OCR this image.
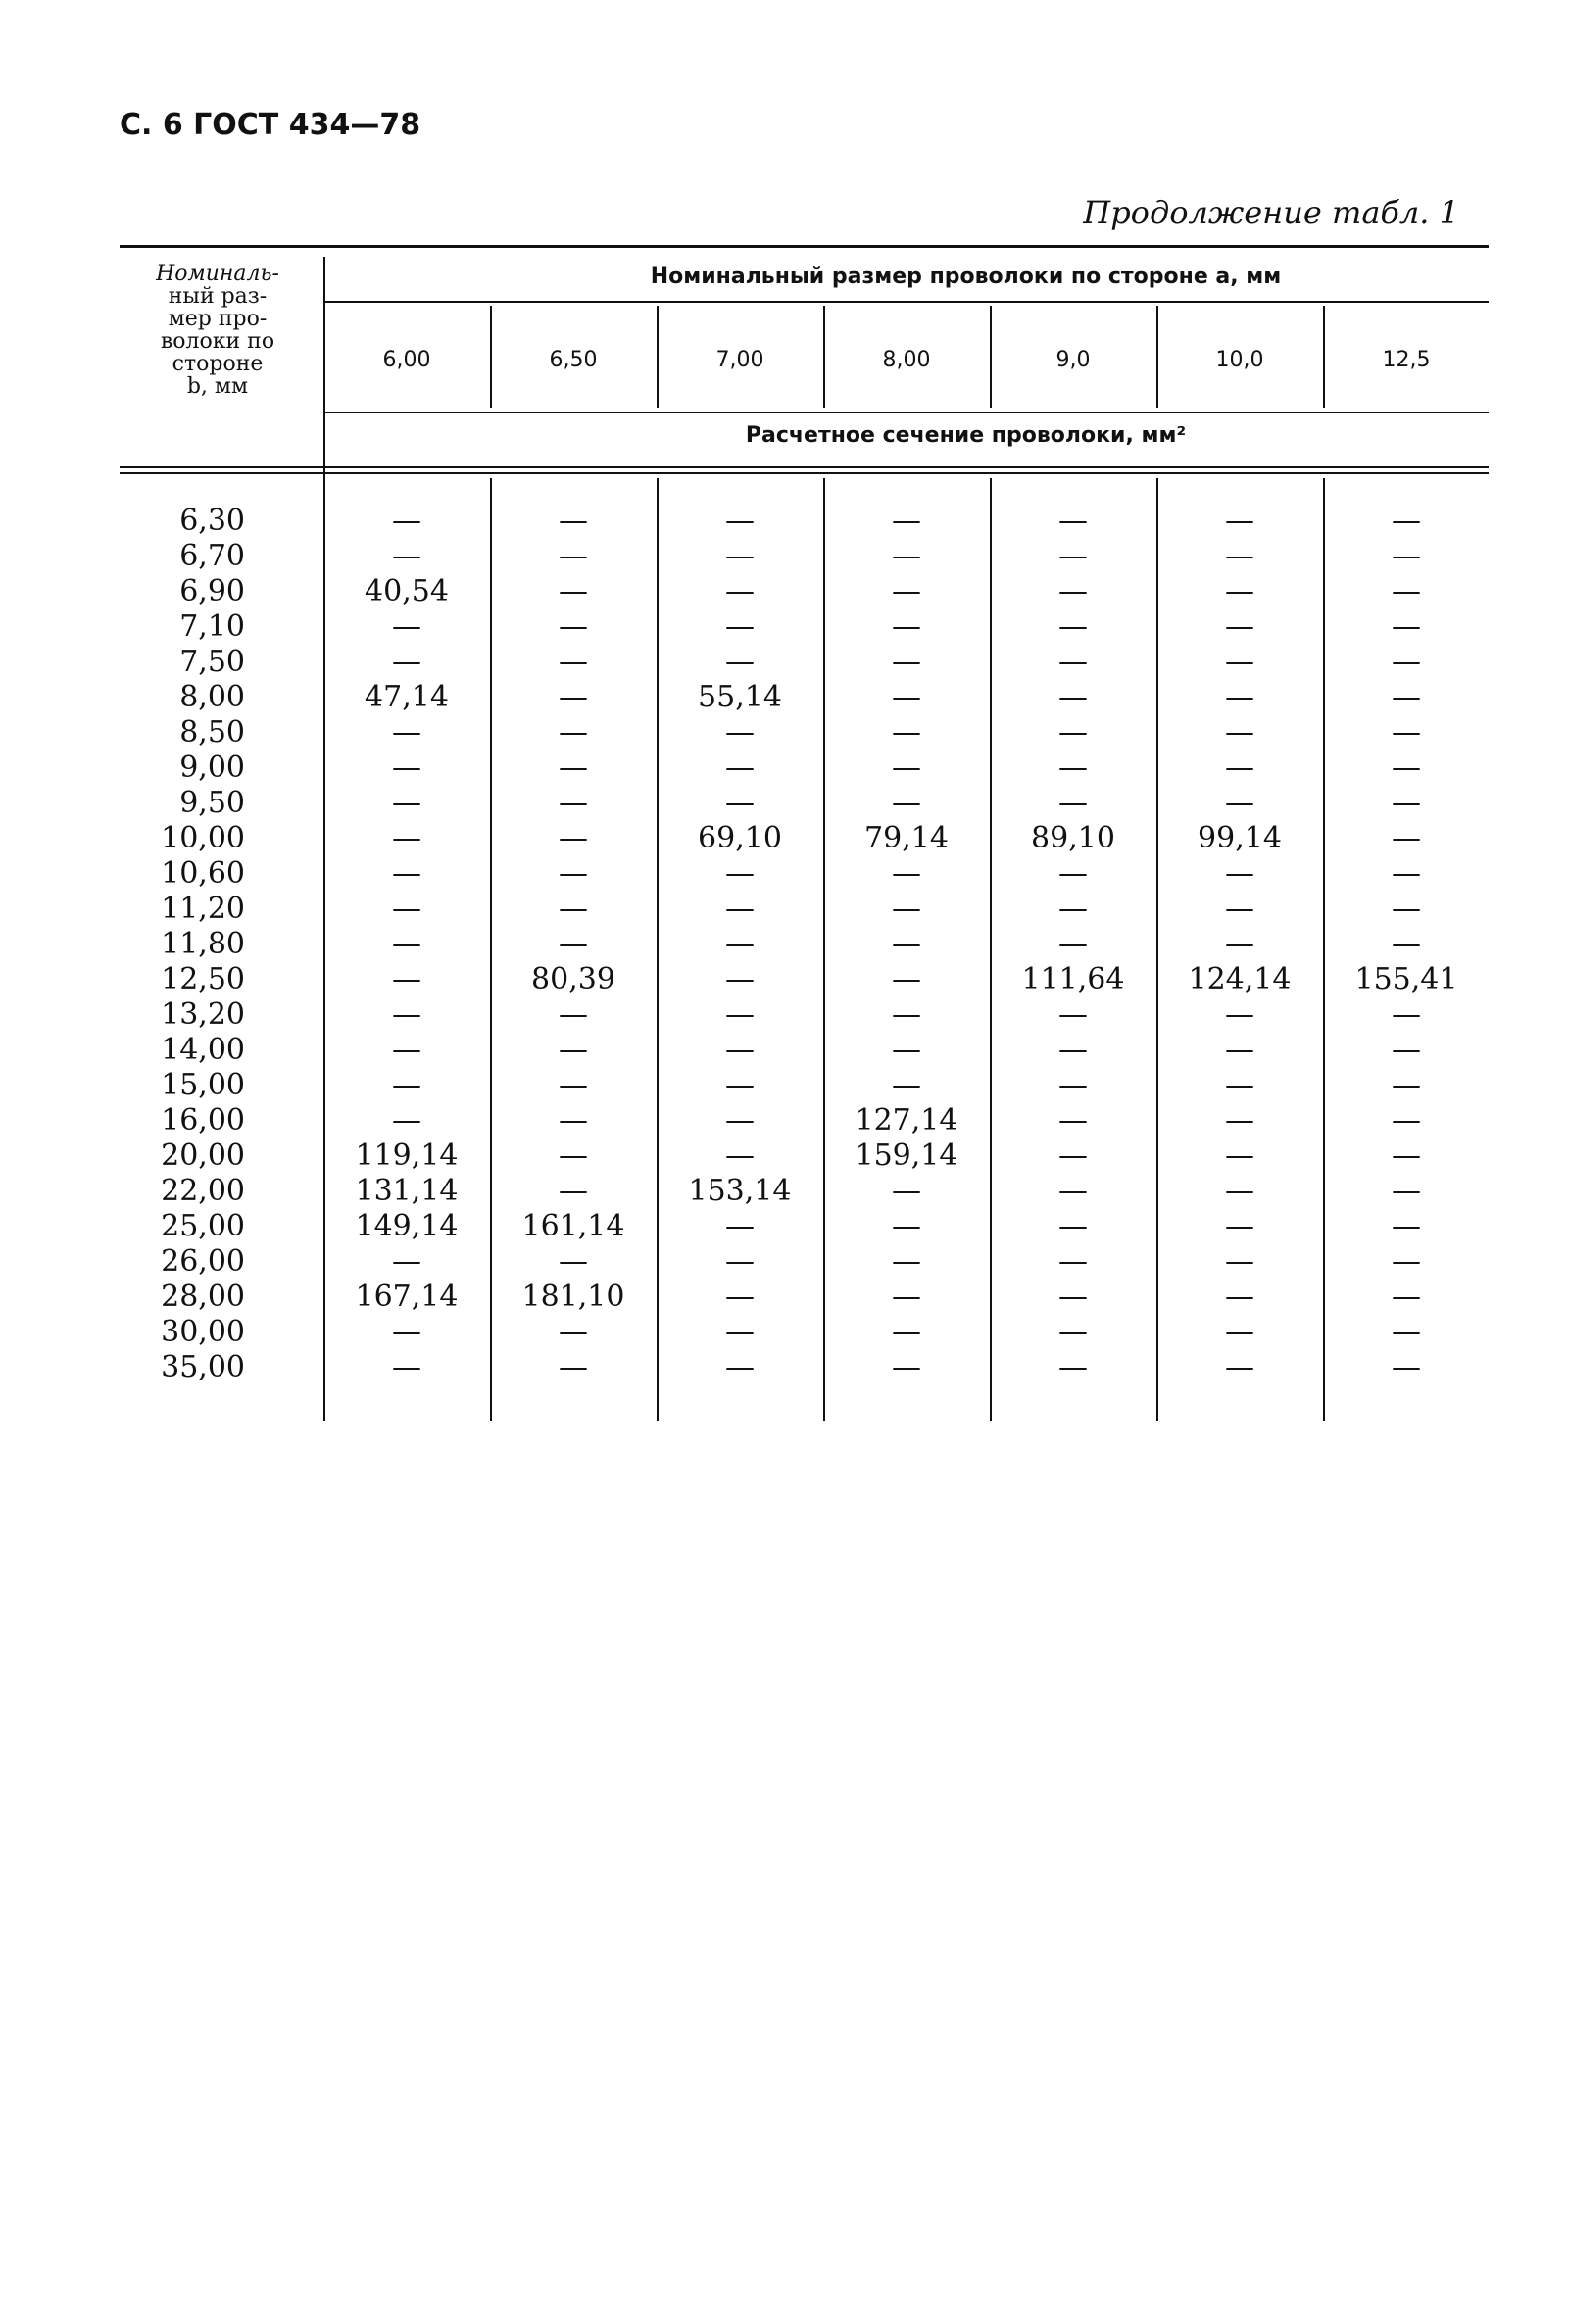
С. 6 ГОСТ 434—78
Продолжение табл. 1
Номиналь-
ный раз-
мер про-
волоки по
стороне
b, мм
Номинальный размер проволоки по стороне a, мм
6,00	6,50	7,00	8,00	9,0	10,0	12,5
Расчетное сечение проволоки, мм²
6,30	—	—	—	—	—	—	—
6,70	—	—	—	—	—	—	—
6,90	40,54	—	—	—	—	—	—
7,10	—	—	—	—	—	—	—
7,50	—	—	—	—	—	—	—
8,00	47,14	—	55,14	—	—	—	—
8,50	—	—	—	—	—	—	—
9,00	—	—	—	—	—	—	—
9,50	—	—	—	—	—	—	—
10,00	—	—	69,10	79,14	89,10	99,14	—
10,60	—	—	—	—	—	—	—
11,20	—	—	—	—	—	—	—
11,80	—	—	—	—	—	—	—
12,50	—	80,39	—	—	111,64	124,14	155,41
13,20	—	—	—	—	—	—	—
14,00	—	—	—	—	—	—	—
15,00	—	—	—	—	—	—	—
16,00	—	—	—	127,14	—	—	—
20,00	119,14	—	—	159,14	—	—	—
22,00	131,14	—	153,14	—	—	—	—
25,00	149,14	161,14	—	—	—	—	—
26,00	—	—	—	—	—	—	—
28,00	167,14	181,10	—	—	—	—	—
30,00	—	—	—	—	—	—	—
35,00	—	—	—	—	—	—	—
